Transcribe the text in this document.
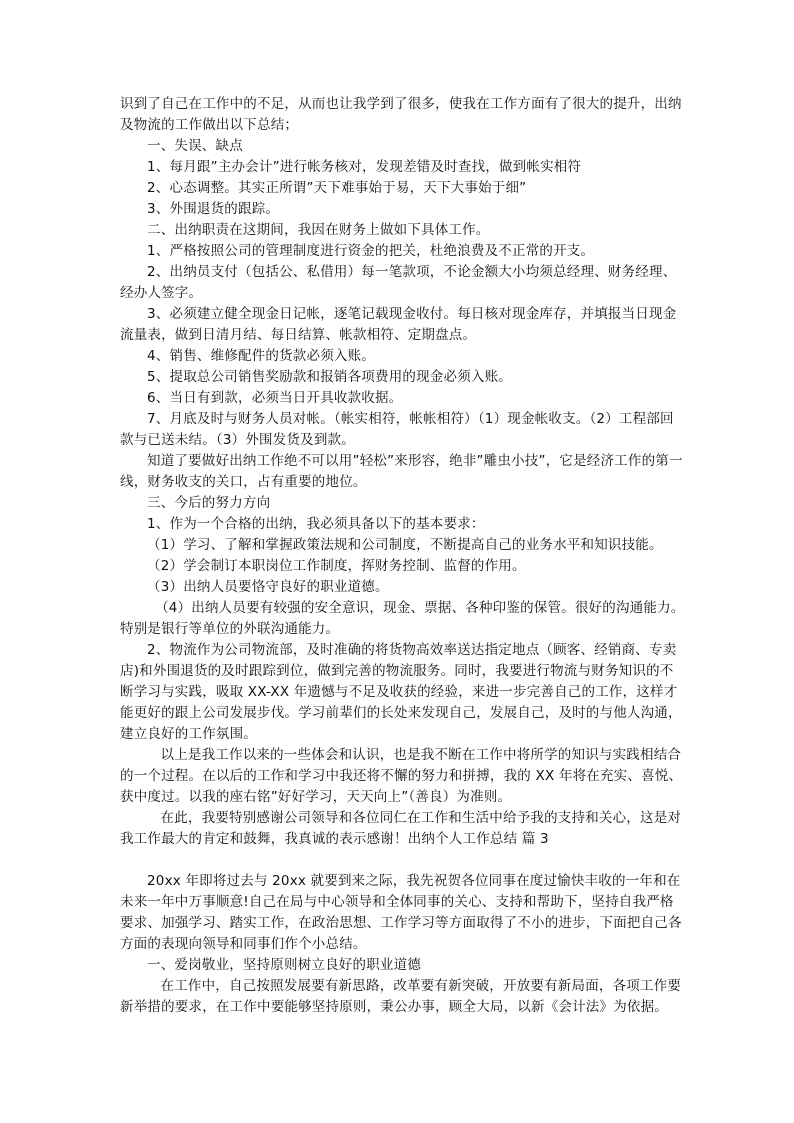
识到了自己在工作中的不足，从而也让我学到了很多，使我在工作方面有了很大的提升，出纳及物流的工作做出以下总结；

一、失误、缺点

1、每月跟”主办会计”进行帐务核对，发现差错及时查找，做到帐实相符

2、心态调整。其实正所谓”天下难事始于易，天下大事始于细”

3、外围退货的跟踪。

二、出纳职责在这期间，我因在财务上做如下具体工作。

1、严格按照公司的管理制度进行资金的把关，杜绝浪费及不正常的开支。

2、出纳员支付（包括公、私借用）每一笔款项，不论金额大小均须总经理、财务经理、经办人签字。

3、必须建立健全现金日记帐，逐笔记载现金收付。每日核对现金库存，并填报当日现金流量表，做到日清月结、每日结算、帐款相符、定期盘点。

4、销售、维修配件的货款必须入账。

5、提取总公司销售奖励款和报销各项费用的现金必须入账。

6、当日有到款，必须当日开具收款收据。

7、月底及时与财务人员对帐。（帐实相符，帐帐相符）（1）现金帐收支。（2）工程部回款与已送未结。（3）外围发货及到款。

知道了要做好出纳工作绝不可以用”轻松”来形容，绝非”雕虫小技”，它是经济工作的第一线，财务收支的关口，占有重要的地位。

三、今后的努力方向

1、作为一个合格的出纳，我必须具备以下的基本要求：

（1）学习、了解和掌握政策法规和公司制度，不断提高自己的业务水平和知识技能。

（2）学会制订本职岗位工作制度，挥财务控制、监督的作用。

（3）出纳人员要恪守良好的职业道德。

（4）出纳人员要有较强的安全意识，现金、票据、各种印鉴的保管。很好的沟通能力。特别是银行等单位的外联沟通能力。

2、物流作为公司物流部，及时准确的将货物高效率送达指定地点（顾客、经销商、专卖店)和外围退货的及时跟踪到位，做到完善的物流服务。同时，我要进行物流与财务知识的不断学习与实践，吸取 XX-XX 年遗憾与不足及收获的经验，来进一步完善自己的工作，这样才能更好的跟上公司发展步伐。学习前辈们的长处来发现自己，发展自己，及时的与他人沟通，建立良好的工作氛围。

以上是我工作以来的一些体会和认识，也是我不断在工作中将所学的知识与实践相结合的一个过程。在以后的工作和学习中我还将不懈的努力和拼搏，我的 XX 年将在充实、喜悦、获中度过。以我的座右铭”好好学习，天天向上”（善良）为准则。

在此，我要特别感谢公司领导和各位同仁在工作和生活中给予我的支持和关心，这是对我工作最大的肯定和鼓舞，我真诚的表示感谢！出纳个人工作总结 篇 3

20xx 年即将过去与 20xx 就要到来之际，我先祝贺各位同事在度过愉快丰收的一年和在未来一年中万事顺意!自己在局与中心领导和全体同事的关心、支持和帮助下，坚持自我严格要求、加强学习、踏实工作，在政治思想、工作学习等方面取得了不小的进步，下面把自己各方面的表现向领导和同事们作个小总结。

一、爱岗敬业，坚持原则树立良好的职业道德

在工作中，自己按照发展要有新思路，改革要有新突破，开放要有新局面，各项工作要新举措的要求，在工作中要能够坚持原则，秉公办事，顾全大局，以新《会计法》为依据。
